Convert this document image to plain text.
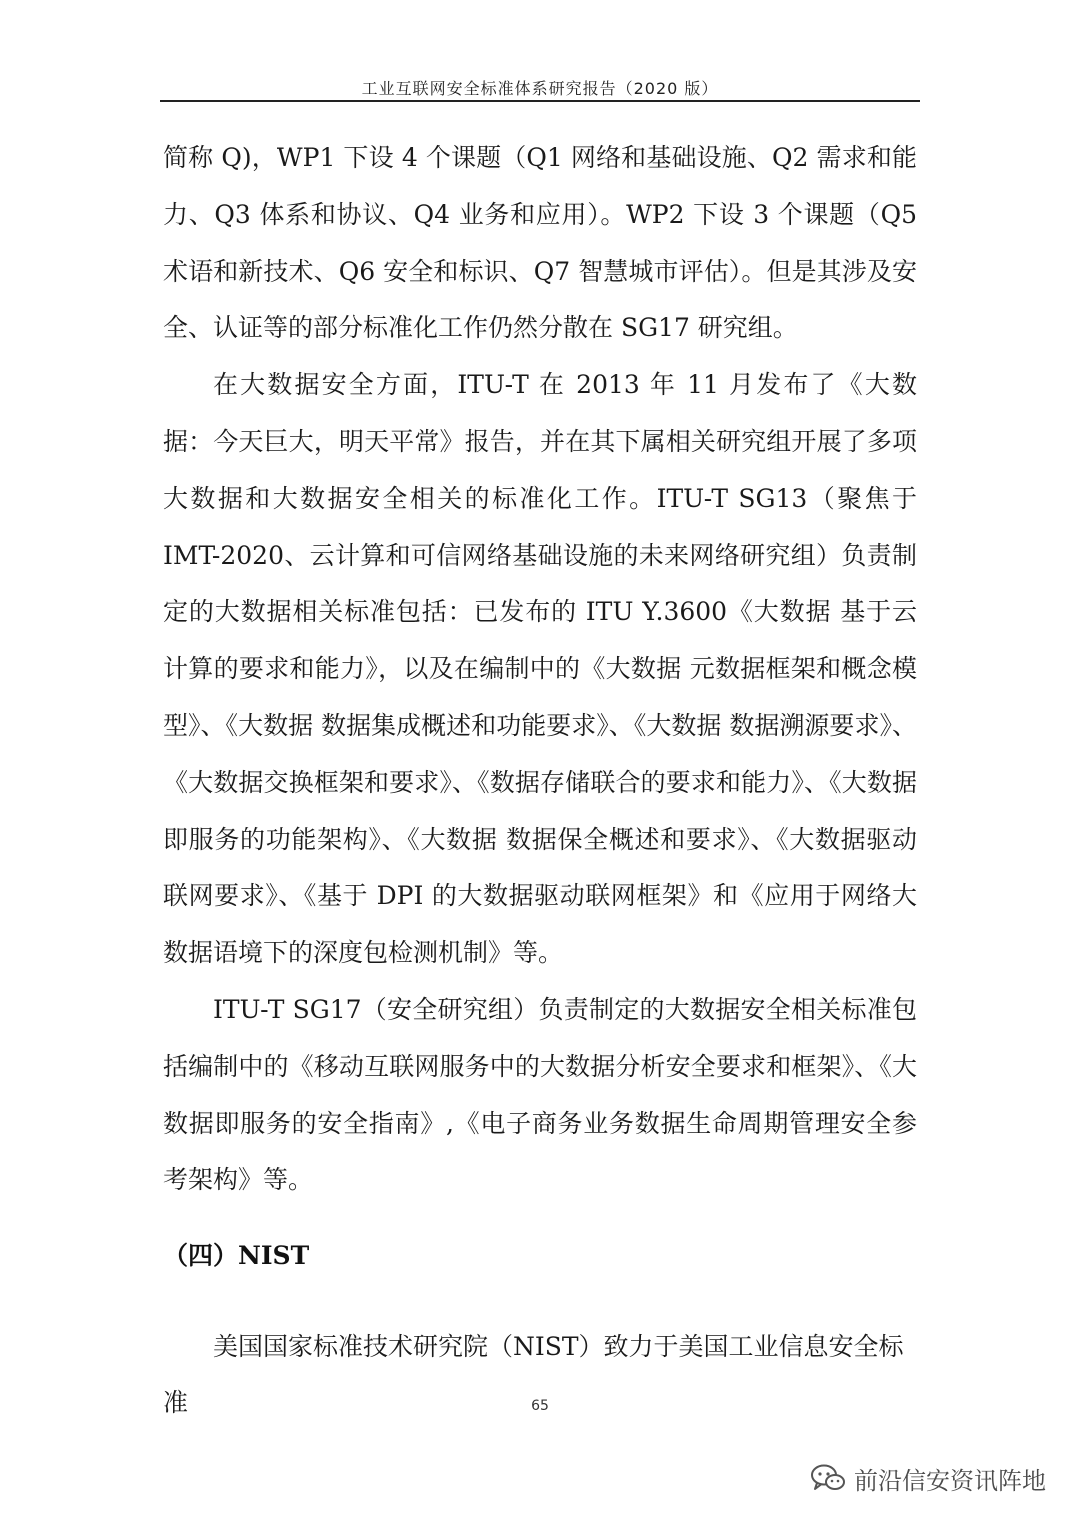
工业互联网安全标准体系研究报告（2020 版）

简称 Q)，WP1 下设 4 个课题（Q1 网络和基础设施、Q2 需求和能力、Q3 体系和协议、Q4 业务和应用）。WP2 下设 3 个课题（Q5 术语和新技术、Q6 安全和标识、Q7 智慧城市评估）。但是其涉及安全、认证等的部分标准化工作仍然分散在 SG17 研究组。

在大数据安全方面，ITU-T 在 2013 年 11 月发布了《大数据：今天巨大，明天平常》报告，并在其下属相关研究组开展了多项大数据和大数据安全相关的标准化工作。ITU-T SG13（聚焦于 IMT-2020、云计算和可信网络基础设施的未来网络研究组）负责制定的大数据相关标准包括：已发布的 ITU Y.3600《大数据 基于云计算的要求和能力》，以及在编制中的《大数据 元数据框架和概念模型》、《大数据 数据集成概述和功能要求》、《大数据 数据溯源要求》、《大数据交换框架和要求》、《数据存储联合的要求和能力》、《大数据即服务的功能架构》、《大数据 数据保全概述和要求》、《大数据驱动联网要求》、《基于 DPI 的大数据驱动联网框架》和《应用于网络大数据语境下的深度包检测机制》等。

ITU-T SG17（安全研究组）负责制定的大数据安全相关标准包括编制中的《移动互联网服务中的大数据分析安全要求和框架》、《大数据即服务的安全指南》,《电子商务业务数据生命周期管理安全参考架构》等。

（四）NIST
美国国家标准技术研究院（NIST）致力于美国工业信息安全标准	65
前沿信安资讯阵地
